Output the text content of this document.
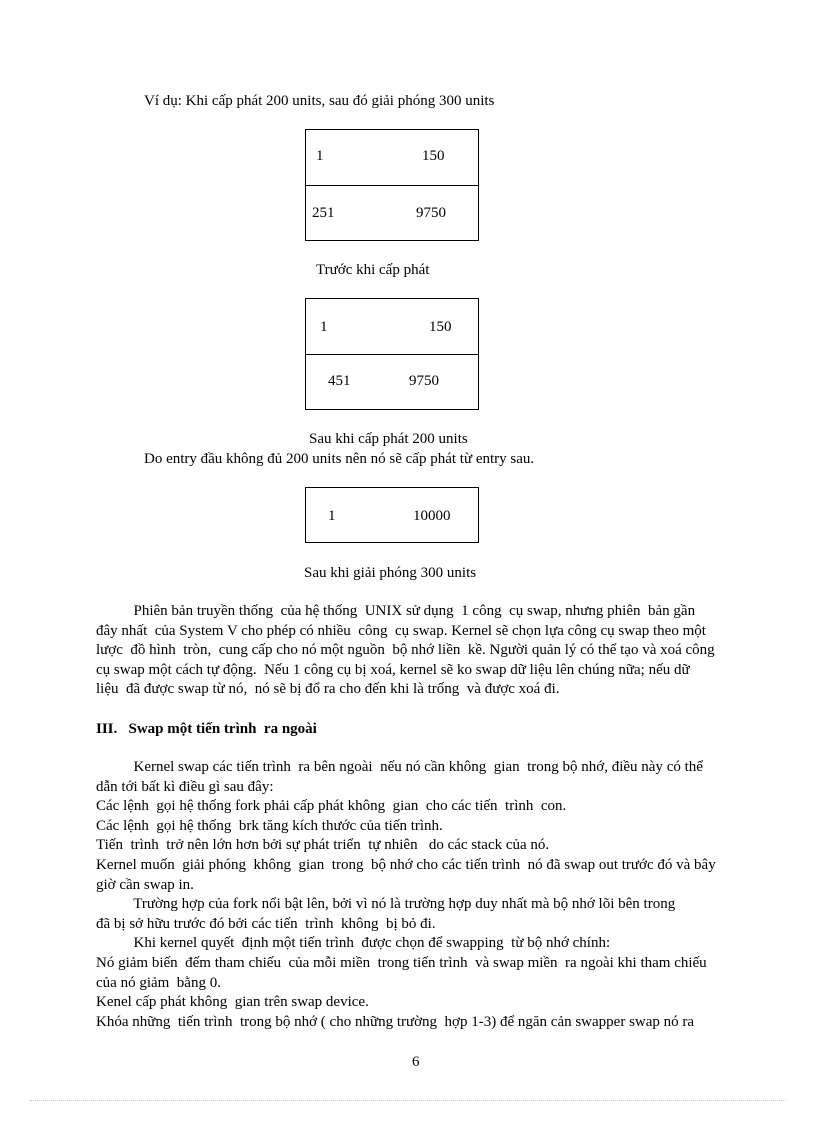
Ví dụ: Khi cấp phát 200 units, sau đó giải phóng 300 units
1	150
251	9750
Trước khi cấp phát
1	150
451	9750
Sau khi cấp phát 200 units
Do entry đầu không đủ 200 units nên nó sẽ cấp phát từ entry sau.
1	10000
Sau khi giải phóng 300 units
Phiên bản truyền thống  của hệ thống  UNIX sử dụng  1 công  cụ swap, nhưng phiên  bản gần
đây nhất  của System V cho phép có nhiều  công  cụ swap. Kernel sẽ chọn lựa công cụ swap theo một
lược  đồ hình  tròn,  cung cấp cho nó một nguồn  bộ nhớ liền  kề. Người quản lý có thể tạo và xoá công
cụ swap một cách tự động.  Nếu 1 công cụ bị xoá, kernel sẽ ko swap dữ liệu lên chúng nữa; nếu dữ
liệu  đã được swap từ nó,  nó sẽ bị đổ ra cho đến khi là trống  và được xoá đi.
III.   Swap một tiến trình  ra ngoài
Kernel swap các tiến trình  ra bên ngoài  nếu nó cần không  gian  trong bộ nhớ, điều này có thể
dẫn tới bất kì điều gì sau đây:
Các lệnh  gọi hệ thống fork phải cấp phát không  gian  cho các tiến  trình  con.
Các lệnh  gọi hệ thống  brk tăng kích thước của tiến trình.
Tiến  trình  trở nên lớn hơn bởi sự phát triển  tự nhiên   do các stack của nó.
Kernel muốn  giải phóng  không  gian  trong  bộ nhớ cho các tiến trình  nó đã swap out trước đó và bây
giờ cần swap in.
Trường hợp của fork nổi bật lên, bởi vì nó là trường hợp duy nhất mà bộ nhớ lõi bên trong
đã bị sở hữu trước đó bởi các tiến  trình  không  bị bỏ đi.
Khi kernel quyết  định một tiến trình  được chọn để swapping  từ bộ nhớ chính:
Nó giảm biến  đếm tham chiếu  của mỗi miền  trong tiến trình  và swap miền  ra ngoài khi tham chiếu
của nó giảm  bằng 0.
Kenel cấp phát không  gian trên swap device.
Khóa những  tiến trình  trong bộ nhớ ( cho những trường  hợp 1-3) để ngăn cản swapper swap nó ra
6
